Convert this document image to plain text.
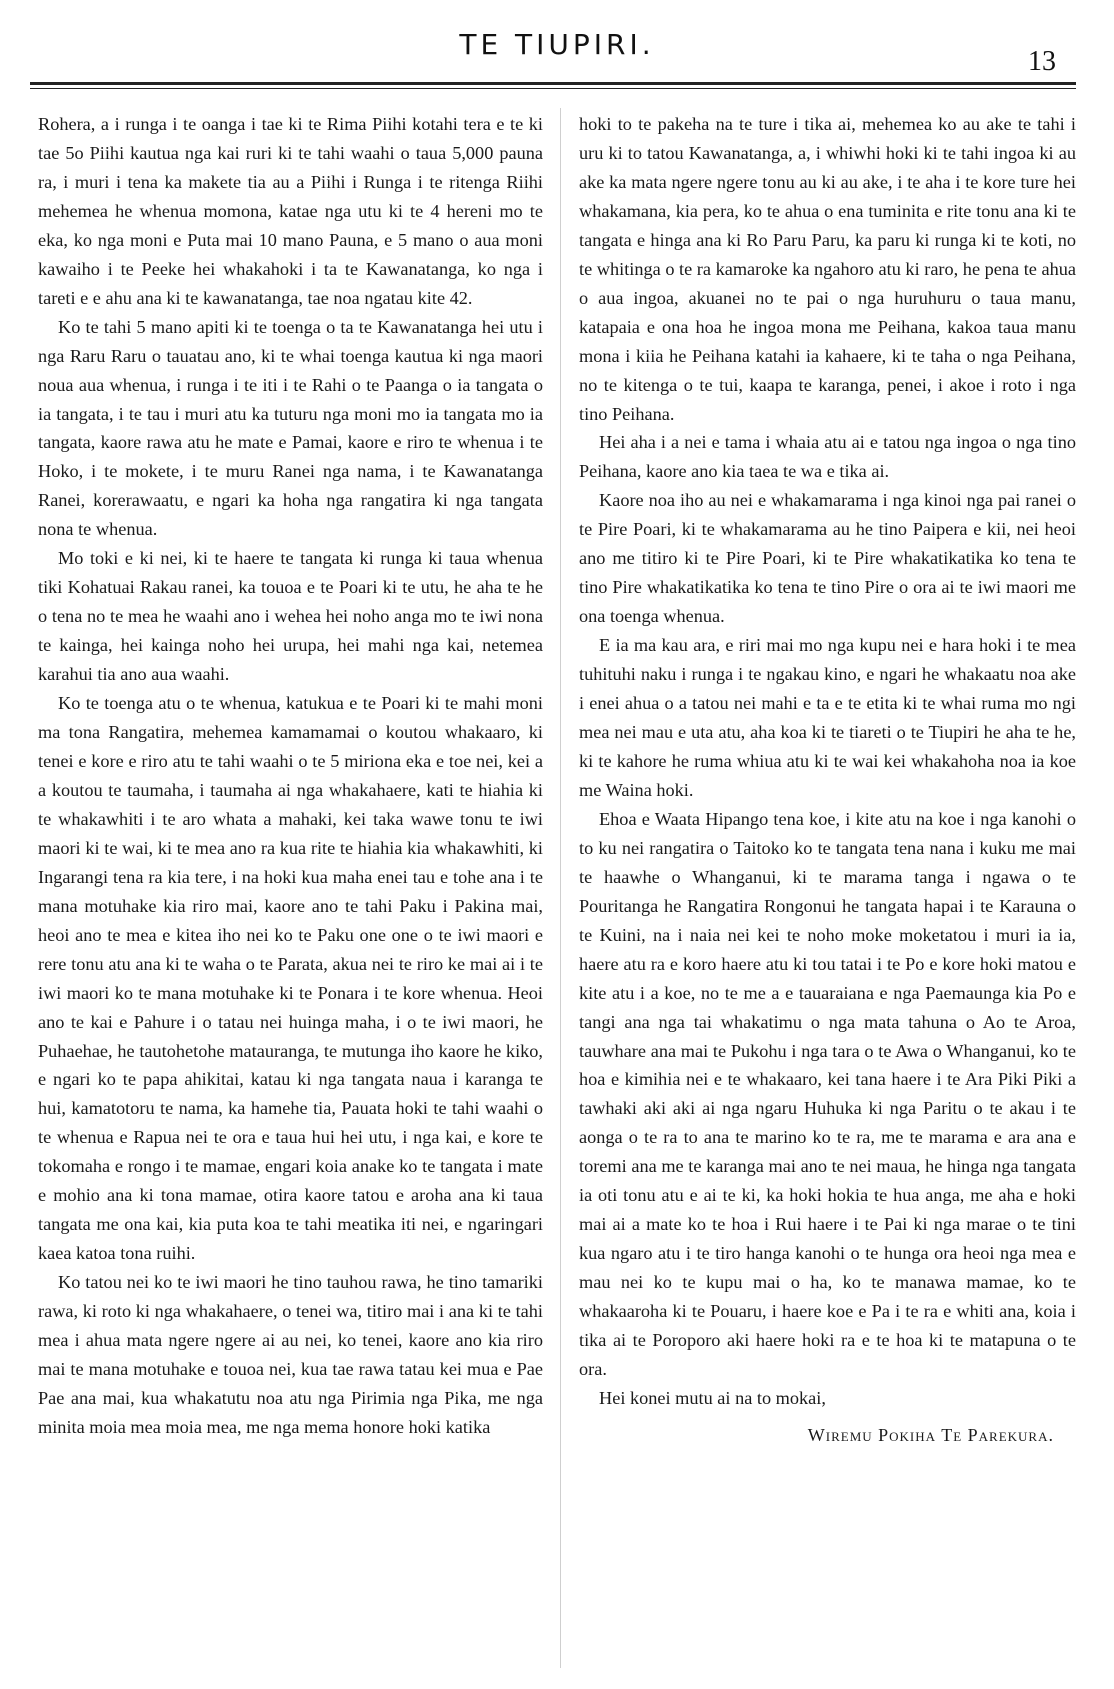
TE TIUPIRI.
13

Rohera, a i runga i te oanga i tae ki te Rima Piihi kotahi tera e te ki tae 5o Piihi kautua nga kai ruri ki te tahi waahi o taua 5,000 pauna ra, i muri i tena ka makete tia au a Piihi i Runga i te ritenga Riihi mehemea he whenua momona, katae nga utu ki te 4 hereni mo te eka, ko nga moni e Puta mai 10 mano Pauna, e 5 mano o aua moni kawaiho i te Peeke hei whakahoki i ta te Kawanatanga, ko nga i tareti e e ahu ana ki te kawanatanga, tae noa ngatau kite 42.

Ko te tahi 5 mano apiti ki te toenga o ta te Kawanatanga hei utu i nga Raru Raru o tauatau ano, ki te whai toenga kautua ki nga maori noua aua whenua, i runga i te iti i te Rahi o te Paanga o ia tangata o ia tangata, i te tau i muri atu ka tuturu nga moni mo ia tangata mo ia tangata, kaore rawa atu he mate e Pamai, kaore e riro te whenua i te Hoko, i te mokete, i te muru Ranei nga nama, i te Kawanatanga Ranei, korerawaatu, e ngari ka hoha nga rangatira ki nga tangata nona te whenua.

Mo toki e ki nei, ki te haere te tangata ki runga ki taua whenua tiki Kohatuai Rakau ranei, ka touoa e te Poari ki te utu, he aha te he o tena no te mea he waahi ano i wehea hei noho anga mo te iwi nona te kainga, hei kainga noho hei urupa, hei mahi nga kai, netemea karahui tia ano aua waahi.

Ko te toenga atu o te whenua, katukua e te Poari ki te mahi moni ma tona Rangatira, mehemea kamamamai o koutou whakaaro, ki tenei e kore e riro atu te tahi waahi o te 5 miriona eka e toe nei, kei a a koutou te taumaha, i taumaha ai nga whakahaere, kati te hiahia ki te whakawhiti i te aro whata a mahaki, kei taka wawe tonu te iwi maori ki te wai, ki te mea ano ra kua rite te hiahia kia whakawhiti, ki Ingarangi tena ra kia tere, i na hoki kua maha enei tau e tohe ana i te mana motuhake kia riro mai, kaore ano te tahi Paku i Pakina mai, heoi ano te mea e kitea iho nei ko te Paku one one o te iwi maori e rere tonu atu ana ki te waha o te Parata, akua nei te riro ke mai ai i te iwi maori ko te mana motuhake ki te Ponara i te kore whenua. Heoi ano te kai e Pahure i o tatau nei huinga maha, i o te iwi maori, he Puhaehae, he tautohetohe matauranga, te mutunga iho kaore he kiko, e ngari ko te papa ahikitai, katau ki nga tangata naua i karanga te hui, kamatotoru te nama, ka hamehe tia, Pauata hoki te tahi waahi o te whenua e Rapua nei te ora e taua hui hei utu, i nga kai, e kore te tokomaha e rongo i te mamae, engari koia anake ko te tangata i mate e mohio ana ki tona mamae, otira kaore tatou e aroha ana ki taua tangata me ona kai, kia puta koa te tahi meatika iti nei, e ngaringari kaea katoa tona ruihi.

Ko tatou nei ko te iwi maori he tino tauhou rawa, he tino tamariki rawa, ki roto ki nga whakahaere, o tenei wa, titiro mai i ana ki te tahi mea i ahua mata ngere ngere ai au nei, ko tenei, kaore ano kia riro mai te mana motuhake e touoa nei, kua tae rawa tatau kei mua e Pae Pae ana mai, kua whakatutu noa atu nga Pirimia nga Pika, me nga minita moia mea moia mea, me nga mema honore hoki katika

hoki to te pakeha na te ture i tika ai, mehemea ko au ake te tahi i uru ki to tatou Kawanatanga, a, i whiwhi hoki ki te tahi ingoa ki au ake ka mata ngere ngere tonu au ki au ake, i te aha i te kore ture hei whakamana, kia pera, ko te ahua o ena tuminita e rite tonu ana ki te tangata e hinga ana ki Ro Paru Paru, ka paru ki runga ki te koti, no te whitinga o te ra kamaroke ka ngahoro atu ki raro, he pena te ahua o aua ingoa, akuanei no te pai o nga huruhuru o taua manu, katapaia e ona hoa he ingoa mona me Peihana, kakoa taua manu mona i kiia he Peihana katahi ia kahaere, ki te taha o nga Peihana, no te kitenga o te tui, kaapa te karanga, penei, i akoe i roto i nga tino Peihana.

Hei aha i a nei e tama i whaia atu ai e tatou nga ingoa o nga tino Peihana, kaore ano kia taea te wa e tika ai.

Kaore noa iho au nei e whakamarama i nga kinoi nga pai ranei o te Pire Poari, ki te whakamarama au he tino Paipera e kii, nei heoi ano me titiro ki te Pire Poari, ki te Pire whakatikatika ko tena te tino Pire whakatikatika ko tena te tino Pire o ora ai te iwi maori me ona toenga whenua.

E ia ma kau ara, e riri mai mo nga kupu nei e hara hoki i te mea tuhituhi naku i runga i te ngakau kino, e ngari he whakaatu noa ake i enei ahua o a tatou nei mahi e ta e te etita ki te whai ruma mo ngi mea nei mau e uta atu, aha koa ki te tiareti o te Tiupiri he aha te he, ki te kahore he ruma whiua atu ki te wai kei whakahoha noa ia koe me Waina hoki.

Ehoa e Waata Hipango tena koe, i kite atu na koe i nga kanohi o to ku nei rangatira o Taitoko ko te tangata tena nana i kuku me mai te haawhe o Whanganui, ki te marama tanga i ngawa o te Pouritanga he Rangatira Rongonui he tangata hapai i te Karauna o te Kuini, na i naia nei kei te noho moke moketatou i muri ia ia, haere atu ra e koro haere atu ki tou tatai i te Po e kore hoki matou e kite atu i a koe, no te me a e tauaraiana e nga Paemaunga kia Po e tangi ana nga tai whakatimu o nga mata tahuna o Ao te Aroa, tauwhare ana mai te Pukohu i nga tara o te Awa o Whanganui, ko te hoa e kimihia nei e te whakaaro, kei tana haere i te Ara Piki Piki a tawhaki aki aki ai nga ngaru Huhuka ki nga Paritu o te akau i te aonga o te ra to ana te marino ko te ra, me te marama e ara ana e toremi ana me te karanga mai ano te nei maua, he hinga nga tangata ia oti tonu atu e ai te ki, ka hoki hokia te hua anga, me aha e hoki mai ai a mate ko te hoa i Rui haere i te Pai ki nga marae o te tini kua ngaro atu i te tiro hanga kanohi o te hunga ora heoi nga mea e mau nei ko te kupu mai o ha, ko te manawa mamae, ko te whakaaroha ki te Pouaru, i haere koe e Pa i te ra e whiti ana, koia i tika ai te Poroporo aki haere hoki ra e te hoa ki te matapuna o te ora.

Hei konei mutu ai na to mokai,

Wiremu Pokiha Te Parekura.
